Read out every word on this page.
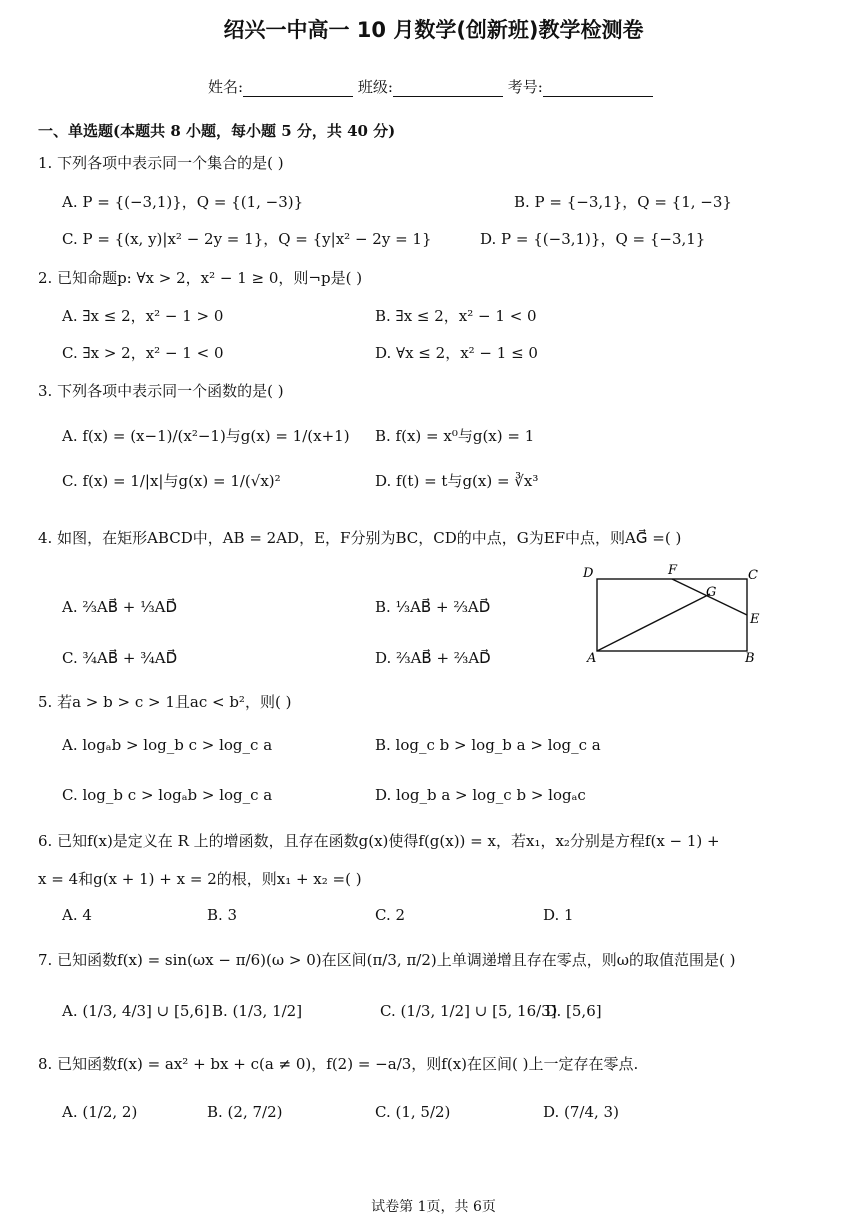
绍兴一中高一 10 月数学(创新班)教学检测卷
姓名:	班级:	考号:
一、单选题(本题共 8 小题，每小题 5 分，共 40 分)
1. 下列各项中表示同一个集合的是( )
A. P = {(−3,1)}，Q = {(1, −3)}	B. P = {−3,1}，Q = {1, −3}
C. P = {(x, y)|x² − 2y = 1}，Q = {y|x² − 2y = 1}	D. P = {(−3,1)}，Q = {−3,1}
2. 已知命题p: ∀x > 2，x² − 1 ≥ 0，则¬p是( )
A. ∃x ≤ 2，x² − 1 > 0	B. ∃x ≤ 2，x² − 1 < 0
C. ∃x > 2，x² − 1 < 0	D. ∀x ≤ 2，x² − 1 ≤ 0
3. 下列各项中表示同一个函数的是( )
A. f(x) = (x−1)/(x²−1)与g(x) = 1/(x+1) B. f(x) = x⁰与g(x) = 1
C. f(x) = 1/|x|与g(x) = 1/(√x)²	D. f(t) = t与g(x) = ∛x³
4. 如图，在矩形ABCD中，AB = 2AD，E，F分别为BC，CD的中点，G为EF中点，则AG⃗ =( )
A. ⅔AB⃗ + ⅓AD⃗	B. ⅓AB⃗ + ⅔AD⃗
C. ¾AB⃗ + ¾AD⃗	D. ⅔AB⃗ + ⅔AD⃗
D	F	C
G
E
A	B
5. 若a > b > c > 1且ac < b²，则( )
A. logₐb > log_b c > log_c a	B. log_c b > log_b a > log_c a
C. log_b c > logₐb > log_c a	D. log_b a > log_c b > logₐc
6. 已知f(x)是定义在 R 上的增函数，且存在函数g(x)使得f(g(x)) = x，若x₁，x₂分别是方程f(x − 1) +
x = 4和g(x + 1) + x = 2的根，则x₁ + x₂ =( )
A. 4	B. 3	C. 2	D. 1
7. 已知函数f(x) = sin(ωx − π/6)(ω > 0)在区间(π/3, π/2)上单调递增且存在零点，则ω的取值范围是( )
A. (1/3, 4/3] ∪ [5,6] B. (1/3, 1/2]	C. (1/3, 1/2] ∪ [5, 16/3]
D. [5,6]
8. 已知函数f(x) = ax² + bx + c(a ≠ 0)，f(2) = −a/3，则f(x)在区间( )上一定存在零点.
A. (1/2, 2)	B. (2, 7/2)	C. (1, 5/2)	D. (7/4, 3)
试卷第 1页，共 6页
